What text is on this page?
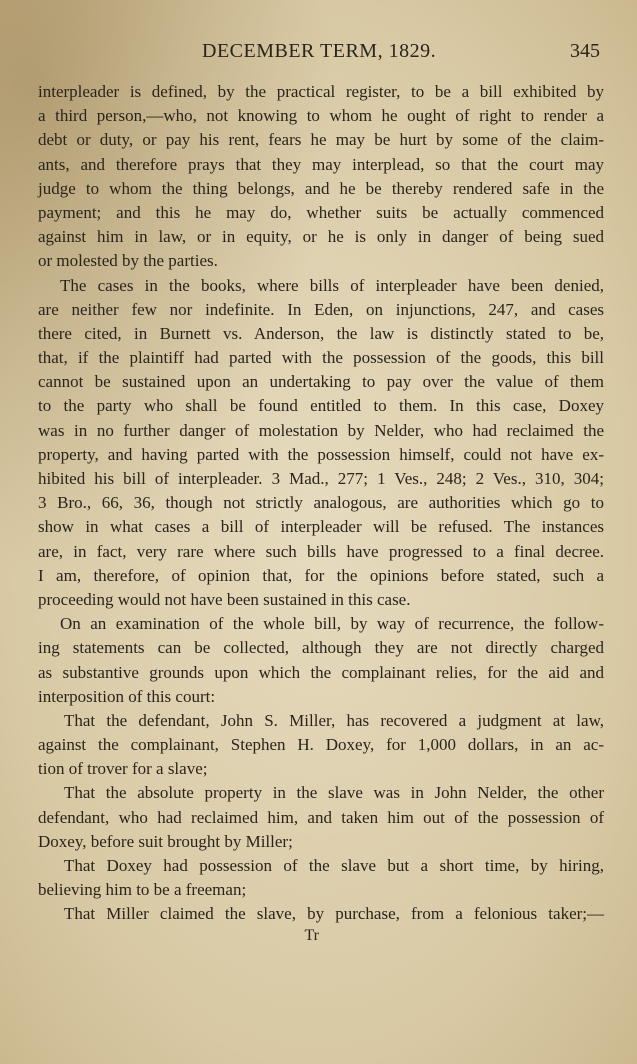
DECEMBER TERM, 1829.	345
interpleader is defined, by the practical register, to be a bill exhibited by
a third person,—who, not knowing to whom he ought of right to render a
debt or duty, or pay his rent, fears he may be hurt by some of the claim-
ants, and therefore prays that they may interplead, so that the court may
judge to whom the thing belongs, and he be thereby rendered safe in the
payment; and this he may do, whether suits be actually commenced
against him in law, or in equity, or he is only in danger of being sued
or molested by the parties.
The cases in the books, where bills of interpleader have been denied,
are neither few nor indefinite. In Eden, on injunctions, 247, and cases
there cited, in Burnett vs. Anderson, the law is distinctly stated to be,
that, if the plaintiff had parted with the possession of the goods, this bill
cannot be sustained upon an undertaking to pay over the value of them
to the party who shall be found entitled to them. In this case, Doxey
was in no further danger of molestation by Nelder, who had reclaimed the
property, and having parted with the possession himself, could not have ex-
hibited his bill of interpleader. 3 Mad., 277; 1 Ves., 248; 2 Ves., 310, 304;
3 Bro., 66, 36, though not strictly analogous, are authorities which go to
show in what cases a bill of interpleader will be refused. The instances
are, in fact, very rare where such bills have progressed to a final decree.
I am, therefore, of opinion that, for the opinions before stated, such a
proceeding would not have been sustained in this case.
On an examination of the whole bill, by way of recurrence, the follow-
ing statements can be collected, although they are not directly charged
as substantive grounds upon which the complainant relies, for the aid and
interposition of this court:
That the defendant, John S. Miller, has recovered a judgment at law,
against the complainant, Stephen H. Doxey, for 1,000 dollars, in an ac-
tion of trover for a slave;
That the absolute property in the slave was in John Nelder, the other
defendant, who had reclaimed him, and taken him out of the possession of
Doxey, before suit brought by Miller;
That Doxey had possession of the slave but a short time, by hiring,
believing him to be a freeman;
That Miller claimed the slave, by purchase, from a felonious taker;—
Tr
